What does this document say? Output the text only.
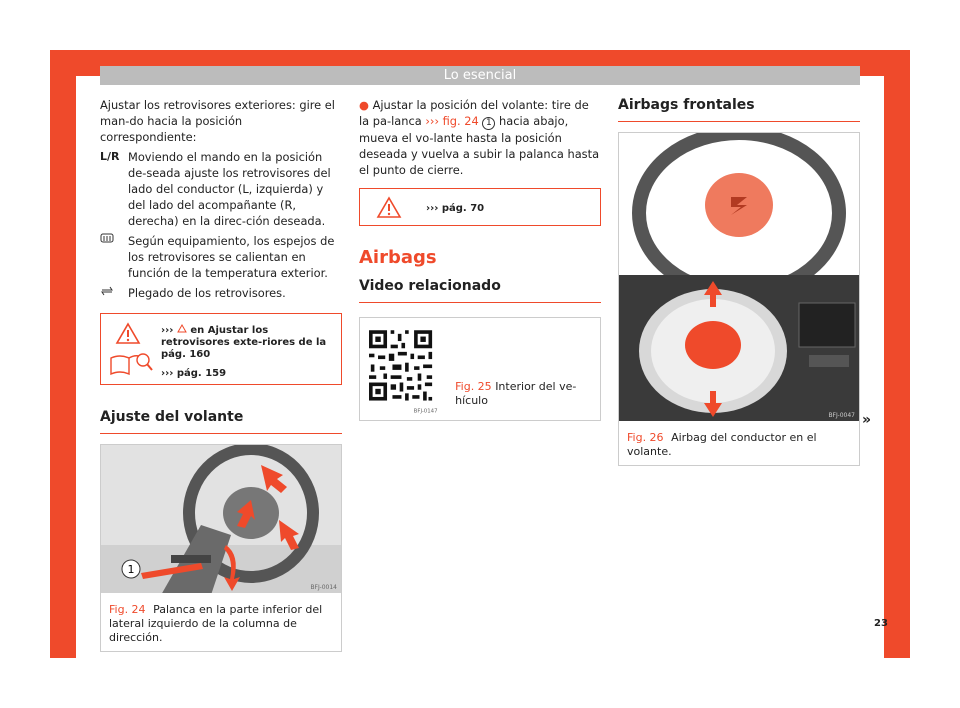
Lo esencial

Ajustar los retrovisores exteriores: gire el man-do hacia la posición correspondiente:

L/R Moviendo el mando en la posición de-seada ajuste los retrovisores del lado del conductor (L, izquierda) y del lado del acompañante (R, derecha) en la direc-ción deseada.
Según equipamiento, los espejos de los retrovisores se calientan en función de la temperatura exterior.
Plegado de los retrovisores.
››› en Ajustar los retrovisores exte-riores de la pág. 160
››› pág. 159
Ajuste del volante
1
BFJ-0014
Fig. 24 Palanca en la parte inferior del lateral izquierdo de la columna de dirección.

● Ajustar la posición del volante: tire de la pa-lanca ››› fig. 24 1 hacia abajo, mueva el vo-lante hasta la posición deseada y vuelva a subir la palanca hasta el punto de cierre.

››› pág. 70
Airbags
Video relacionado
BFJ-0147
Fig. 25 Interior del ve-hículo
Airbags frontales
BFJ-0047
Fig. 26 Airbag del conductor en el volante.
»
23
